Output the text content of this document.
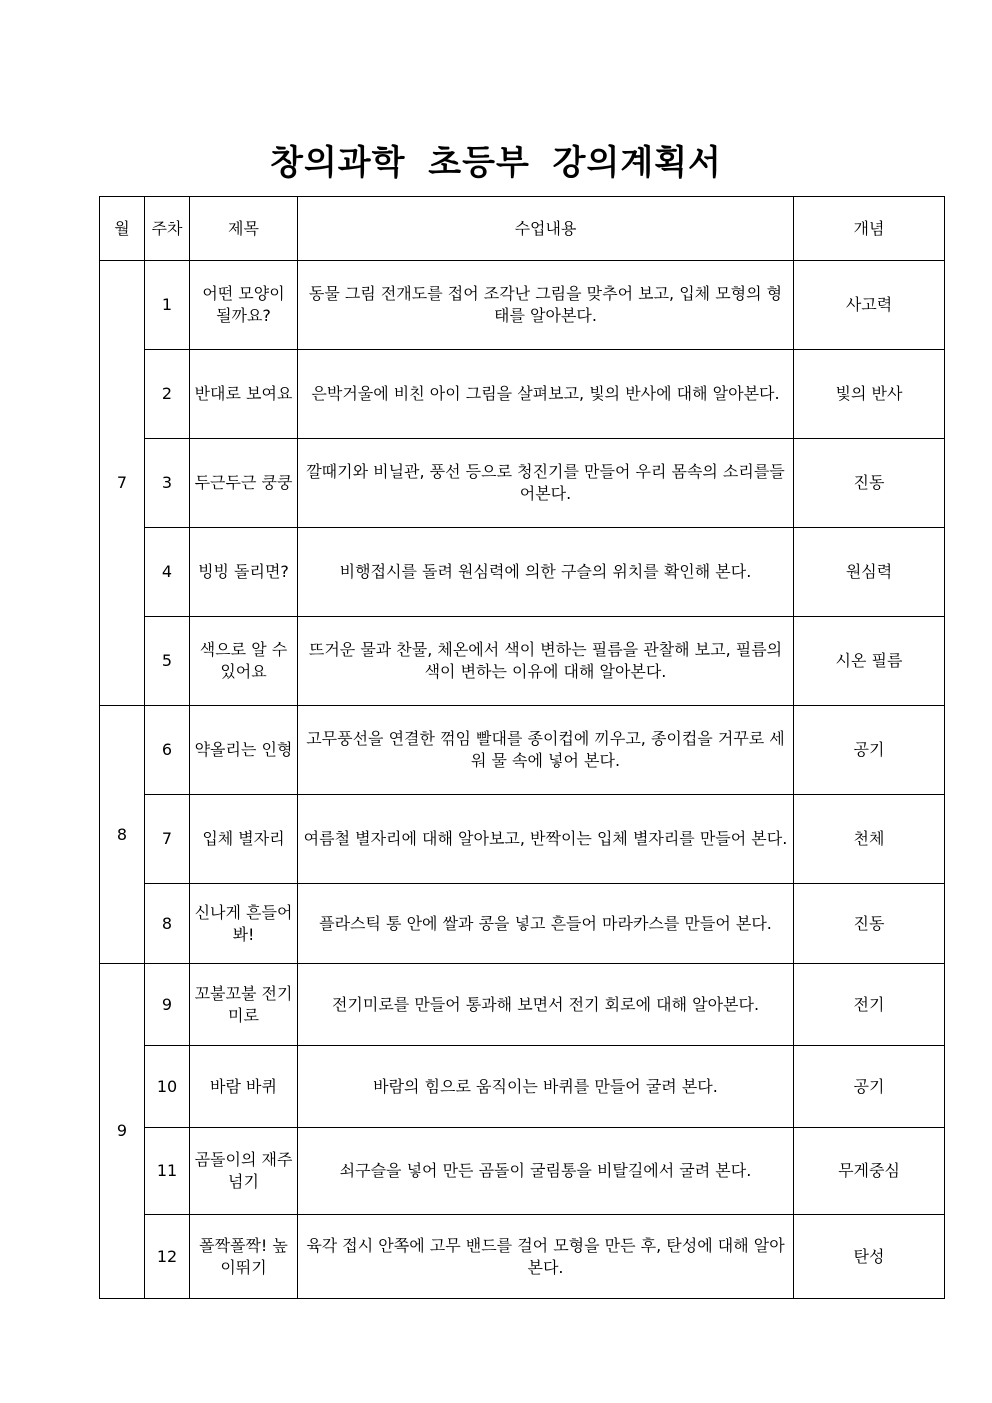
창의과학 초등부 강의계획서
월	주차	제목	수업내용	개념
7	1	어떤 모양이 될까요?	동물 그림 전개도를 접어 조각난 그림을 맞추어 보고, 입체 모형의 형태를 알아본다.	사고력
	2	반대로 보여요	은박거울에 비친 아이 그림을 살펴보고, 빛의 반사에 대해 알아본다.	빛의 반사
	3	두근두근 쿵쿵	깔때기와 비닐관, 풍선 등으로 청진기를 만들어 우리 몸속의 소리를들어본다.	진동
	4	빙빙 돌리면?	비행접시를 돌려 원심력에 의한 구슬의 위치를 확인해 본다.	원심력
	5	색으로 알 수 있어요	뜨거운 물과 찬물, 체온에서 색이 변하는 필름을 관찰해 보고, 필름의 색이 변하는 이유에 대해 알아본다.	시온 필름
8	6	약올리는 인형	고무풍선을 연결한 꺾임 빨대를 종이컵에 끼우고, 종이컵을 거꾸로 세워 물 속에 넣어 본다.	공기
	7	입체 별자리	여름철 별자리에 대해 알아보고, 반짝이는 입체 별자리를 만들어 본다.	천체
	8	신나게 흔들어 봐!	플라스틱 통 안에 쌀과 콩을 넣고 흔들어 마라카스를 만들어 본다.	진동
9	9	꼬불꼬불 전기미로	전기미로를 만들어 통과해 보면서 전기 회로에 대해 알아본다.	전기
	10	바람 바퀴	바람의 힘으로 움직이는 바퀴를 만들어 굴려 본다.	공기
	11	곰돌이의 재주넘기	쇠구슬을 넣어 만든 곰돌이 굴림통을 비탈길에서 굴려 본다.	무게중심
	12	폴짝폴짝! 높이뛰기	육각 접시 안쪽에 고무 밴드를 걸어 모형을 만든 후, 탄성에 대해 알아본다.	탄성
